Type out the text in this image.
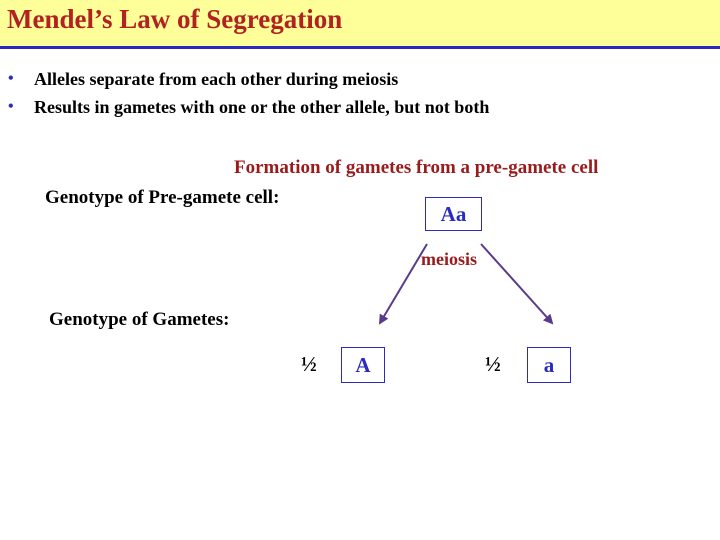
Mendel’s Law of Segregation
• Alleles separate from each other during meiosis
• Results in gametes with one or the other allele, but not both
Formation of gametes from a pre-gamete cell
Genotype of Pre-gamete cell:
Aa
meiosis
Genotype of Gametes:
½	A	½	a
